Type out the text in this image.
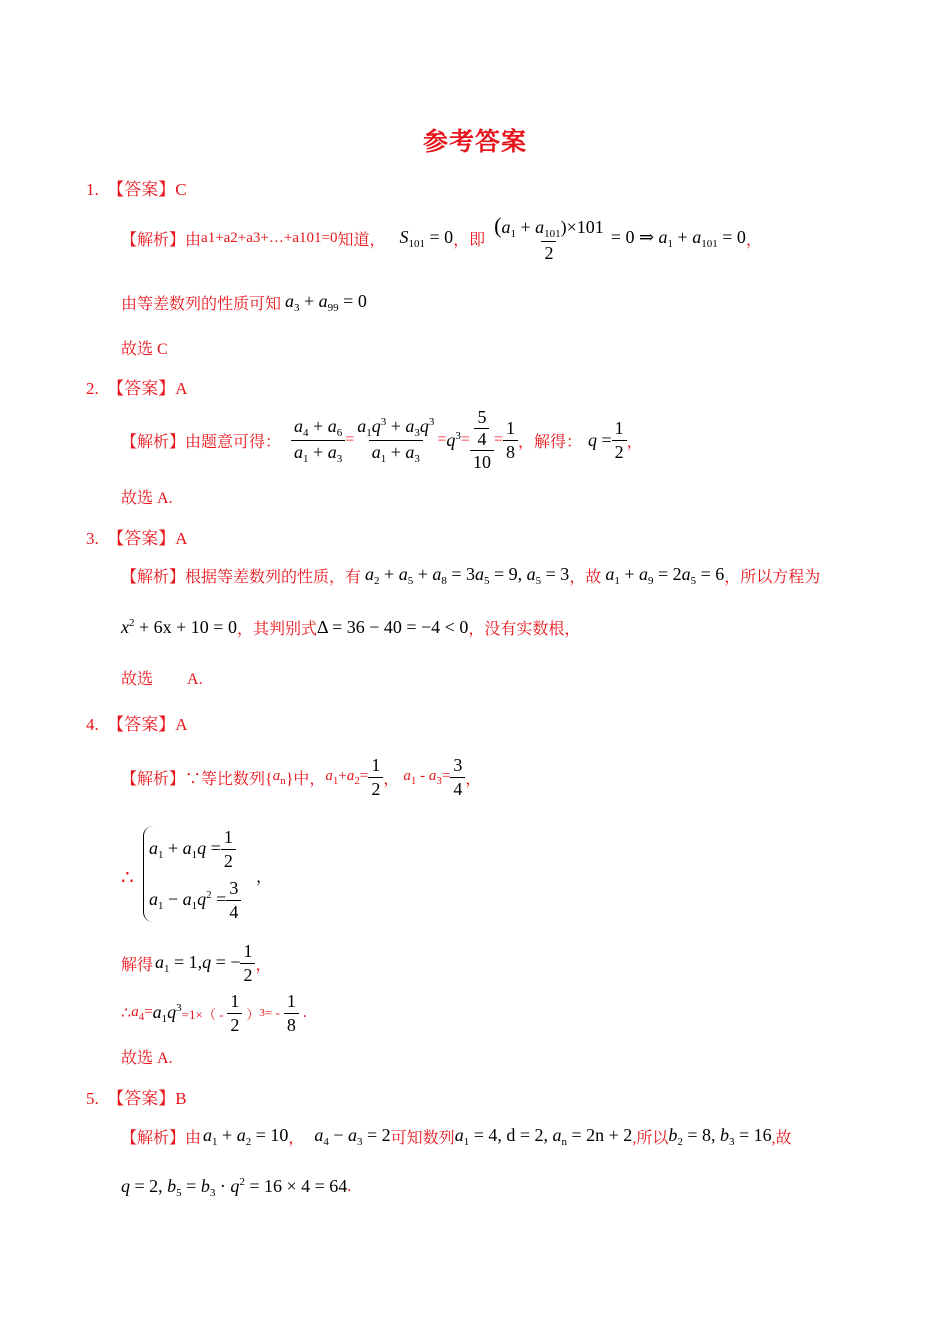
参考答案
1. 【答案】C
【解析】 由 a1+a2+a3+…+a101=0 知道， $S_{101} = 0$ ，即 $\frac{(a_1 + a_{101})\times 101}{2} = 0$ ⇒ $a_1 + a_{101} = 0$ ，
由等差数列的性质可知 $a_3 + a_{99} = 0$
故选 C
2. 【答案】A
【解析】 由题意可得： $\frac{a_4 + a_6}{a_1 + a_3} = \frac{a_1q^3 + a_3q^3}{a_1 + a_3} = q^3 = 5$
4
$10 = \frac{1}{8}$ ，解得： $q = \frac{1}{2}$ ，
故选 A.
3. 【答案】A
【解析】 根据等差数列的性质，有 $a_2 + a_5 + a_8 = 3a_5 = 9$, $a_5 = 3$ ，故 $a_1 + a_9 = 2a_5 = 6$ ，所以方程为
$x^2 + 6x + 10 = 0$ ，其判别式 Δ = 36 − 40 = −4 < 0 ，没有实数根，
故选 A.
4. 【答案】A
【解析】 ∵等比数列{ $a_n$ }中， $a_1+a_2= \frac{1}{2}$ ， $a_1 - a_3= \frac{3}{4}$ ，
∴
$a_1 + a_1q = \frac{1}{2}$
$a_1 - a_1q^2 = \frac{3}{4}$ ，
解得 $a_1 = 1,q$ = − $\frac{1}{2}$ ，
∴ $a_4= a_1q^3 =1\times( - \frac{1}{2}$ ） 3 = - $\frac{1}{8}$ .
故选 A.
5. 【答案】B
【解析】 由 $a_1 + a_2 = 10$ ， $a_4 - a_3 = 2$ 可知数列 $a_1 = 4$, d = 2, $a_n = 2n + 2$ ,所以 $b_2 = 8$, $b_3 = 16$ ,故
q = 2, $b_5 = b_3 \cdot q^2 = 16 \times 4 = 64$ .
